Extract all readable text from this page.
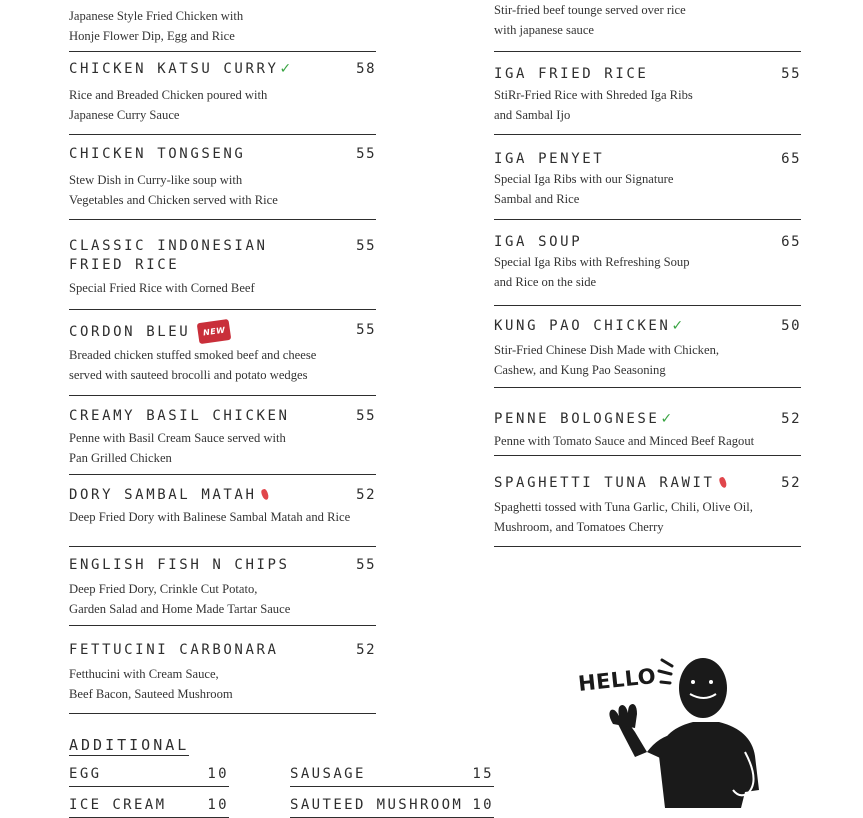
Japanese Style Fried Chicken with
Honje Flower Dip, Egg and Rice
CHICKEN KATSU CURRY✓	58
Rice and Breaded Chicken poured with
Japanese Curry Sauce
CHICKEN TONGSENG	55
Stew Dish in Curry-like soup with
Vegetables and Chicken served with Rice
CLASSIC INDONESIAN
FRIED RICE
55
Special Fried Rice with Corned Beef
CORDON BLEU NEW	55
Breaded chicken stuffed smoked beef and cheese
served with sauteed brocolli and potato wedges
CREAMY BASIL CHICKEN	55
Penne with Basil Cream Sauce served with
Pan Grilled Chicken
DORY SAMBAL MATAH	52
Deep Fried Dory with Balinese Sambal Matah and Rice
ENGLISH FISH N CHIPS	55
Deep Fried Dory, Crinkle Cut Potato,
Garden Salad and Home Made Tartar Sauce
FETTUCINI CARBONARA	52
Fetthucini with Cream Sauce,
Beef Bacon, Sauteed Mushroom
Stir-fried beef tounge served over rice
with japanese sauce
IGA FRIED RICE	55
StiRr-Fried Rice with Shreded Iga Ribs
and Sambal Ijo
IGA PENYET	65
Special Iga Ribs with our Signature
Sambal and Rice
IGA SOUP	65
Special Iga Ribs with Refreshing Soup
and Rice on the side
KUNG PAO CHICKEN✓	50
Stir-Fried Chinese Dish Made with Chicken,
Cashew, and Kung Pao Seasoning
PENNE BOLOGNESE✓	52
Penne with Tomato Sauce and Minced Beef Ragout
SPAGHETTI TUNA RAWIT	52
Spaghetti tossed with Tuna Garlic, Chili, Olive Oil,
Mushroom, and Tomatoes Cherry
ADDITIONAL
EGG	10	SAUSAGE	15
ICE CREAM	10	SAUTEED MUSHROOM 10
HELLO
